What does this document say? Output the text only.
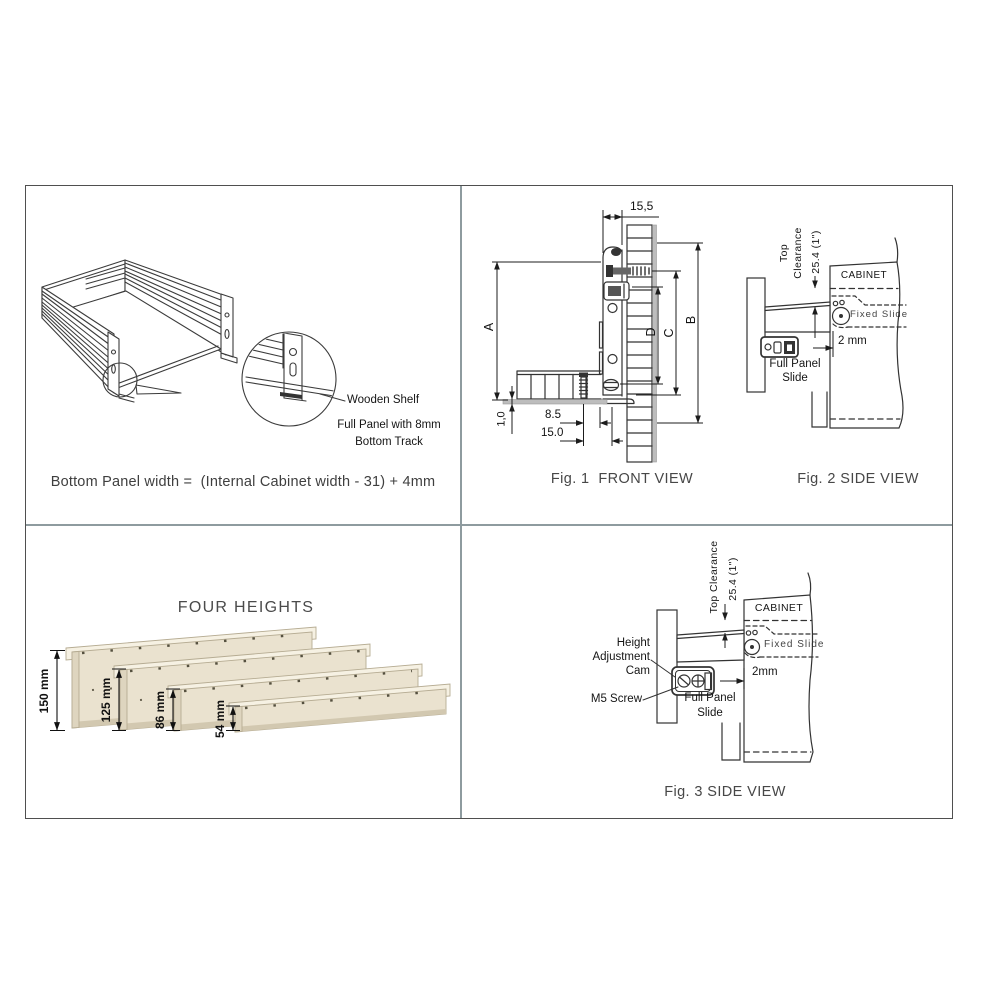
Wooden Shelf
Full Panel with 8mm
Bottom Track
Bottom Panel width =  (Internal Cabinet width - 31) + 4mm
15,5
A
B
C
D
1,0	8.5
15.0
Fig. 1  FRONT VIEW
Top Clearance 25.4 (1")
CABINET
Fixed Slide
2 mm
Full Panel
Slide
Fig. 2 SIDE VIEW
FOUR HEIGHTS
150 mm	125 mm	86 mm	54 mm
Top Clearance 25.4 (1")
CABINET
Fixed Slide
Height
Adjustment
Cam
M5 Screw
2mm
Full Panel
Slide
Fig. 3 SIDE VIEW
